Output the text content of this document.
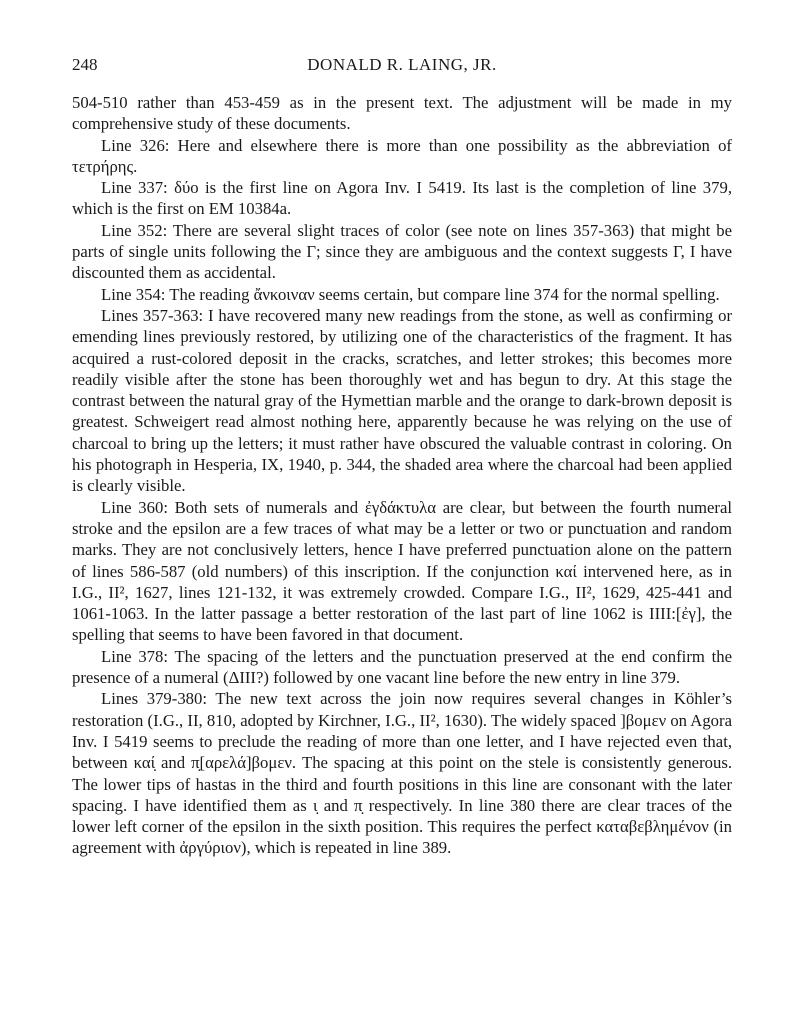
248	DONALD R. LAING, JR.

504-510 rather than 453-459 as in the present text. The adjustment will be made in my comprehensive study of these documents.

Line 326: Here and elsewhere there is more than one possibility as the abbreviation of τετρήρης.

Line 337: δύο is the first line on Agora Inv. I 5419. Its last is the completion of line 379, which is the first on EM 10384a.

Line 352: There are several slight traces of color (see note on lines 357-363) that might be parts of single units following the Γ; since they are ambiguous and the context suggests Γ, I have discounted them as accidental.

Line 354: The reading ἄνκοιναν seems certain, but compare line 374 for the normal spelling.

Lines 357-363: I have recovered many new readings from the stone, as well as confirming or emending lines previously restored, by utilizing one of the characteristics of the fragment. It has acquired a rust-colored deposit in the cracks, scratches, and letter strokes; this becomes more readily visible after the stone has been thoroughly wet and has begun to dry. At this stage the contrast between the natural gray of the Hymettian marble and the orange to dark-brown deposit is greatest. Schweigert read almost nothing here, apparently because he was relying on the use of charcoal to bring up the letters; it must rather have obscured the valuable contrast in coloring. On his photograph in Hesperia, IX, 1940, p. 344, the shaded area where the charcoal had been applied is clearly visible.

Line 360: Both sets of numerals and ἐγδάκτυλα are clear, but between the fourth numeral stroke and the epsilon are a few traces of what may be a letter or two or punctuation and random marks. They are not conclusively letters, hence I have preferred punctuation alone on the pattern of lines 586-587 (old numbers) of this inscription. If the conjunction καί intervened here, as in I.G., II², 1627, lines 121-132, it was extremely crowded. Compare I.G., II², 1629, 425-441 and 1061-1063. In the latter passage a better restoration of the last part of line 1062 is IIII:[ἐγ], the spelling that seems to have been favored in that document.

Line 378: The spacing of the letters and the punctuation preserved at the end confirm the presence of a numeral (ΔIII?) followed by one vacant line before the new entry in line 379.

Lines 379-380: The new text across the join now requires several changes in Köhler’s restoration (I.G., II, 810, adopted by Kirchner, I.G., II², 1630). The widely spaced ]βομεν on Agora Inv. I 5419 seems to preclude the reading of more than one letter, and I have rejected even that, between καί̣ and π̣[αρελά]βομεν. The spacing at this point on the stele is consistently generous. The lower tips of hastas in the third and fourth positions in this line are consonant with the later spacing. I have identified them as ι̣ and π̣ respectively. In line 380 there are clear traces of the lower left corner of the epsilon in the sixth position. This requires the perfect καταβεβλημένον (in agreement with ἀργύριον), which is repeated in line 389.
